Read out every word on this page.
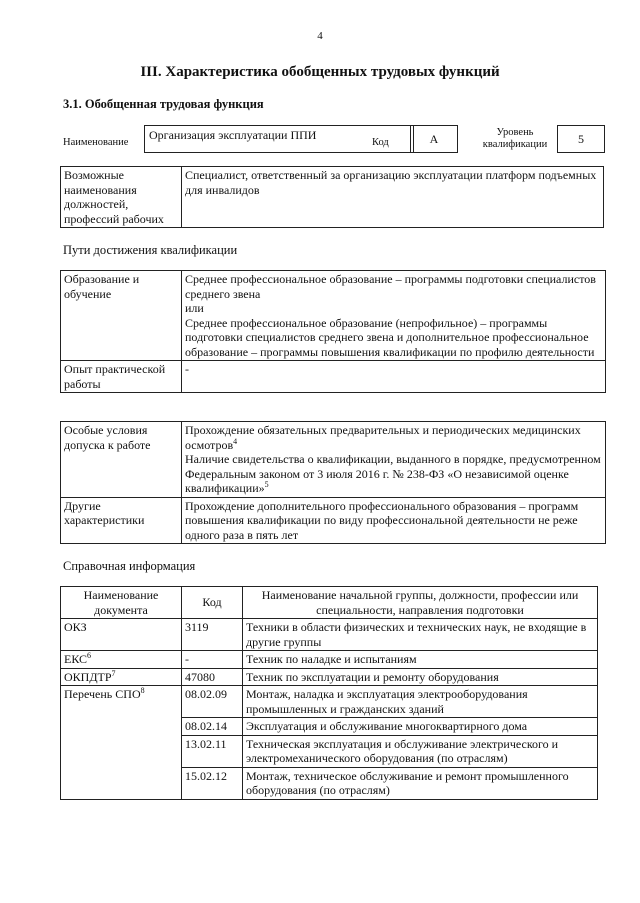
4
III. Характеристика обобщенных трудовых функций
3.1. Обобщенная трудовая функция
Наименование
Организация эксплуатации ППИ
Код	A	Уровень
квалификации	5
Возможные наименования должностей, профессий рабочих	Специалист, ответственный за организацию эксплуатации платформ подъемных для инвалидов
Пути достижения квалификации
Образование и обучение	Среднее профессиональное образование – программы подготовки специалистов среднего звена
или
Среднее профессиональное образование (непрофильное) – программы подготовки специалистов среднего звена и дополнительное профессиональное образование – программы повышения квалификации по профилю деятельности

Опыт практической работы	-
Особые условия допуска к работе	Прохождение обязательных предварительных и периодических медицинских осмотров$^4$
Наличие свидетельства о квалификации, выданного в порядке, предусмотренном Федеральным законом от 3 июля 2016 г. № 238-ФЗ «О независимой оценке квалификации»$^5$

Другие характеристики	Прохождение дополнительного профессионального образования – программ повышения квалификации по виду профессиональной деятельности не реже одного раза в пять лет
Справочная информация
Наименование документа	Код	Наименование начальной группы, должности, профессии или специальности, направления подготовки
ОКЗ	3119	Техники в области физических и технических наук, не входящие в другие группы
ЕКС$^6$	-	Техник по наладке и испытаниям
ОКПДТР$^7$	47080	Техник по эксплуатации и ремонту оборудования
Перечень СПО$^8$	08.02.09	Монтаж, наладка и эксплуатация электрооборудования промышленных и гражданских зданий
	08.02.14	Эксплуатация и обслуживание многоквартирного дома
	13.02.11	Техническая эксплуатация и обслуживание электрического и электромеханического оборудования (по отраслям)
	15.02.12	Монтаж, техническое обслуживание и ремонт промышленного оборудования (по отраслям)
